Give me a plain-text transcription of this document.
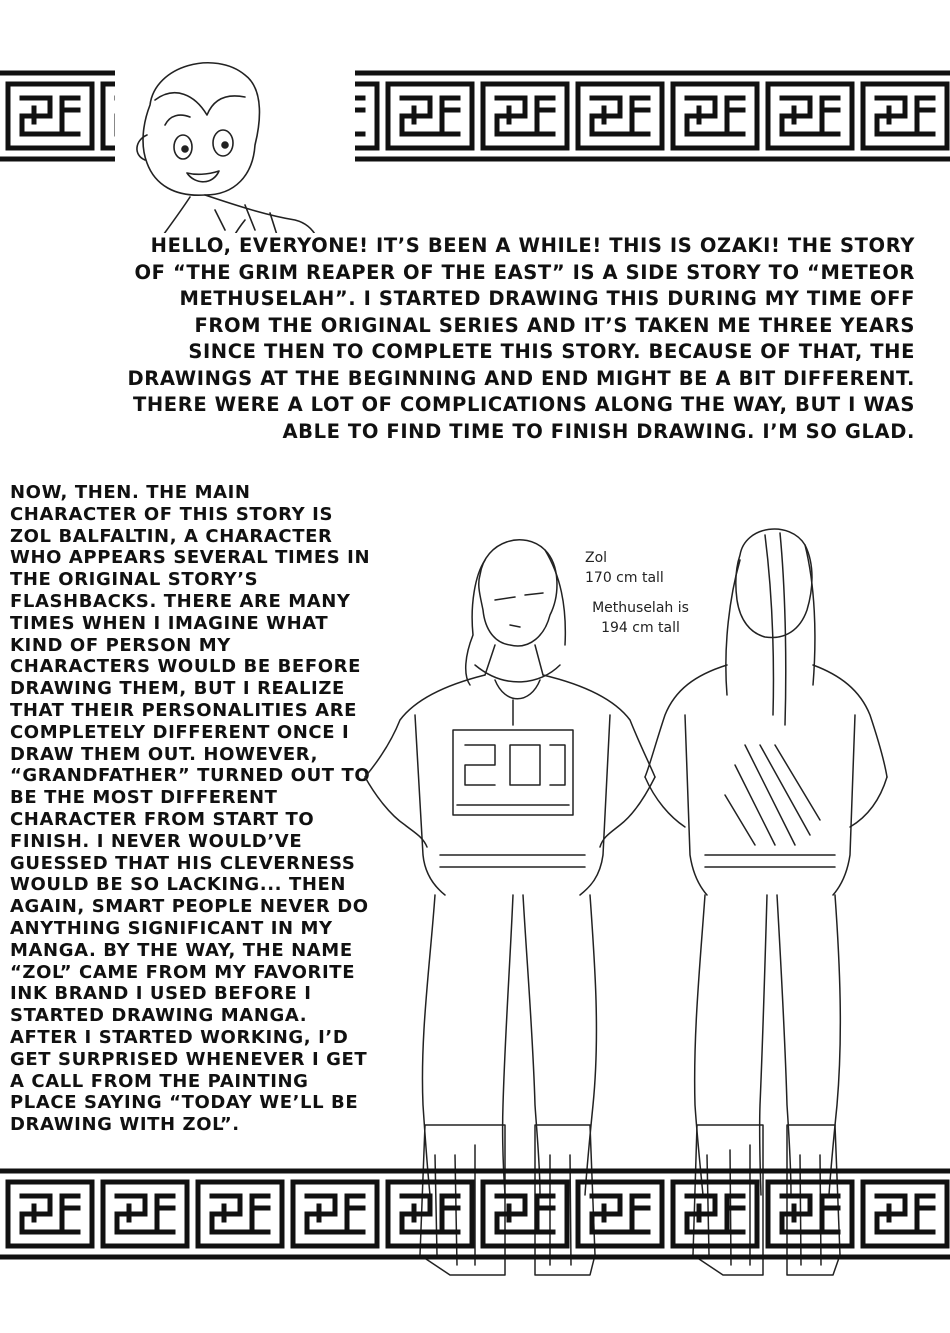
HELLO, EVERYONE! IT’S BEEN A WHILE! THIS IS OZAKI! THE STORY OF “THE GRIM REAPER OF THE EAST” IS A SIDE STORY TO “METEOR METHUSELAH”. I STARTED DRAWING THIS DURING MY TIME OFF FROM THE ORIGINAL SERIES AND IT’S TAKEN ME THREE YEARS SINCE THEN TO COMPLETE THIS STORY. BECAUSE OF THAT, THE DRAWINGS AT THE BEGINNING AND END MIGHT BE A BIT DIFFERENT. THERE WERE A LOT OF COMPLICATIONS ALONG THE WAY, BUT I WAS ABLE TO FIND TIME TO FINISH DRAWING. I’M SO GLAD.
NOW, THEN. THE MAIN CHARACTER OF THIS STORY IS ZOL BALFALTIN, A CHARACTER WHO APPEARS SEVERAL TIMES IN THE ORIGINAL STORY’S FLASHBACKS. THERE ARE MANY TIMES WHEN I IMAGINE WHAT KIND OF PERSON MY CHARACTERS WOULD BE BEFORE DRAWING THEM, BUT I REALIZE THAT THEIR PERSONALITIES ARE COMPLETELY DIFFERENT ONCE I DRAW THEM OUT. HOWEVER, “GRANDFATHER” TURNED OUT TO BE THE MOST DIFFERENT CHARACTER FROM START TO FINISH. I NEVER WOULD’VE GUESSED THAT HIS CLEVERNESS WOULD BE SO LACKING... THEN AGAIN, SMART PEOPLE NEVER DO ANYTHING SIGNIFICANT IN MY MANGA. BY THE WAY, THE NAME “ZOL” CAME FROM MY FAVORITE INK BRAND I USED BEFORE I STARTED DRAWING MANGA. AFTER I STARTED WORKING, I’D GET SURPRISED WHENEVER I GET A CALL FROM THE PAINTING PLACE SAYING “TODAY WE’LL BE DRAWING WITH ZOL”.
Zol
170 cm tall
Methuselah is
194 cm tall
